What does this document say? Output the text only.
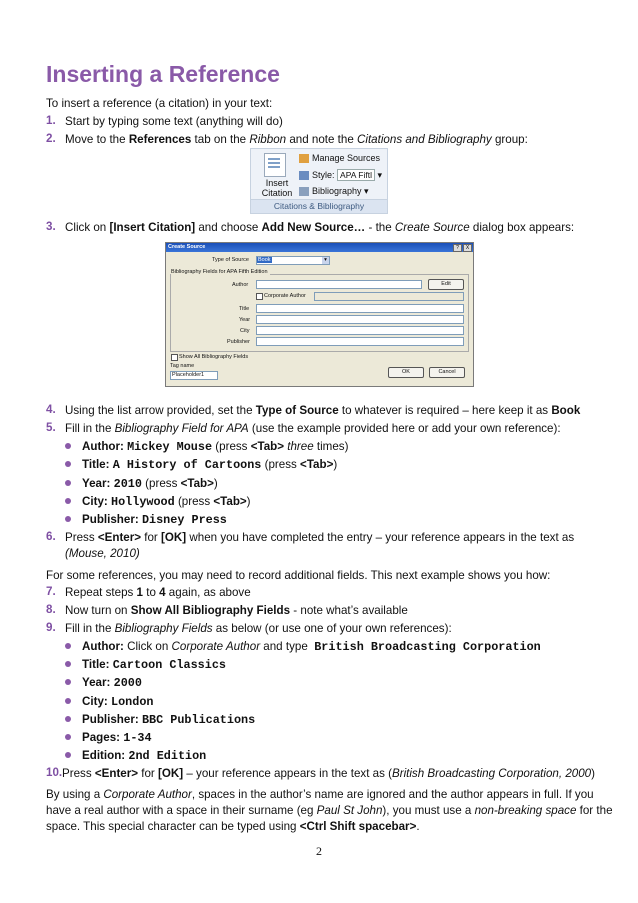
Inserting a Reference
To insert a reference (a citation) in your text:
1. Start by typing some text (anything will do)
2. Move to the References tab on the Ribbon and note the Citations and Bibliography group:
Insert Citation
Manage Sources
Style: APA Fiftl ▾
Bibliography ▾
Citations & Bibliography
3. Click on [Insert Citation] and choose Add New Source… - the Create Source dialog box appears:
Create Source	?	X
Type of Source	Book	▾
Bibliography Fields for APA Fifth Edition
Author	Edit
Corporate Author
Title
Year
City
Publisher
Show All Bibliography Fields
Tag name
Placeholder1	OK	Cancel
4. Using the list arrow provided, set the Type of Source to whatever is required – here keep it as Book
5. Fill in the Bibliography Field for APA (use the example provided here or add your own reference):
Author: Mickey Mouse (press <Tab> three times)
Title: A History of Cartoons (press <Tab>)
Year: 2010 (press <Tab>)
City: Hollywood (press <Tab>)
Publisher: Disney Press
6. Press <Enter> for [OK] when you have completed the entry – your reference appears in the text as
(Mouse, 2010)
For some references, you may need to record additional fields. This next example shows you how:
7. Repeat steps 1 to 4 again, as above
8. Now turn on Show All Bibliography Fields - note what’s available
9. Fill in the Bibliography Fields as below (or use one of your own references):
Author: Click on Corporate Author and type  British Broadcasting Corporation
Title: Cartoon Classics
Year: 2000
City: London
Publisher: BBC Publications
Pages: 1-34
Edition: 2nd Edition
10. Press <Enter> for [OK] – your reference appears in the text as (British Broadcasting Corporation, 2000)
By using a Corporate Author, spaces in the author’s name are ignored and the author appears in full. If you
have a real author with a space in their surname (eg Paul St John), you must use a non-breaking space for the
space. This special character can be typed using <Ctrl Shift spacebar>.
2
